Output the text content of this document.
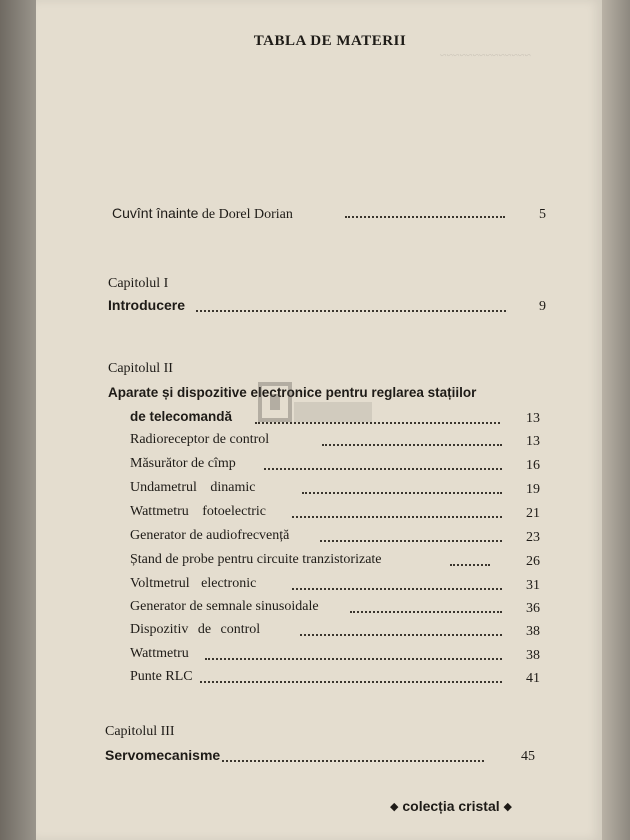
~~~~~~~~~~~~~~
TABLA DE MATERII
Cuvînt înainte de Dorel Dorian	5
Capitolul I
Introducere	9
Capitolul II
Aparate și dispozitive electronice pentru reglarea stațiilor
de telecomandă	13
Radioreceptor de control	13
Măsurător de cîmp	16
Undametrul dinamic	19
Wattmetru fotoelectric	21
Generator de audiofrecvență	23
Ștand de probe pentru circuite tranzistorizate	26
Voltmetrul electronic	31
Generator de semnale sinusoidale	36
Dispozitiv de control	38
Wattmetru	38
Punte RLC	41
Capitolul III
Servomecanisme	45
◆ colecția cristal ◆
